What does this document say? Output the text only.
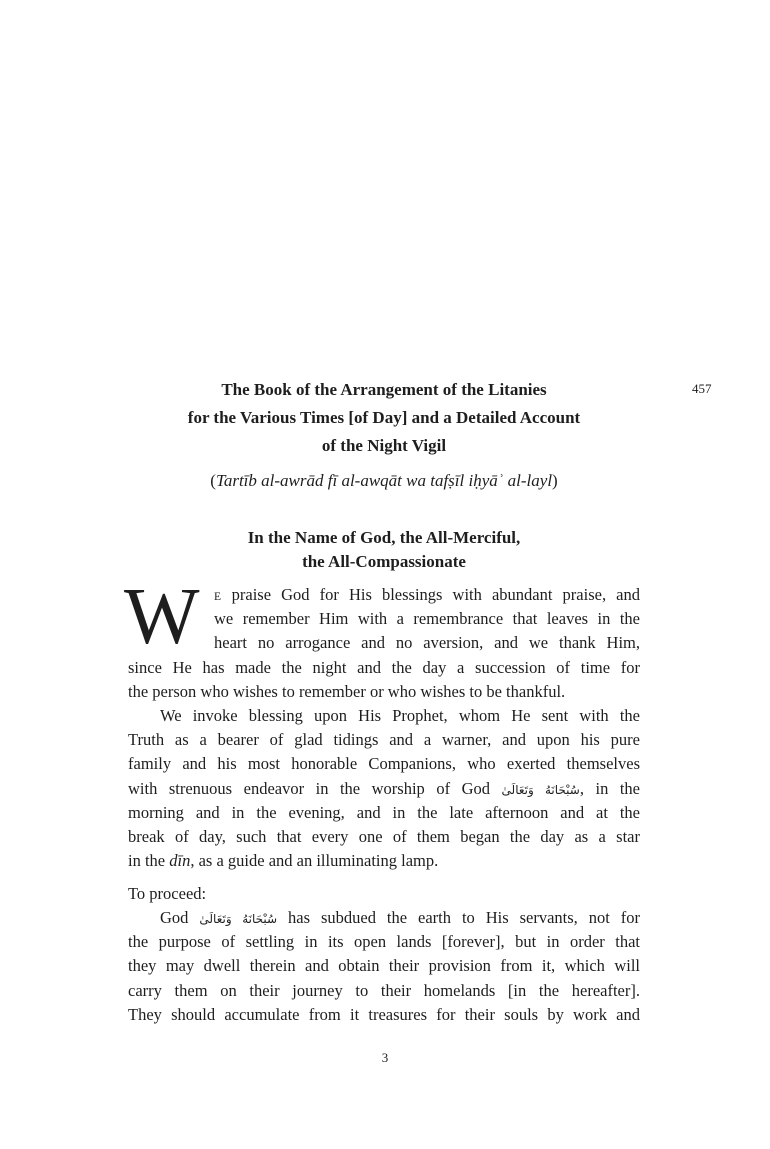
457
The Book of the Arrangement of the Litanies
for the Various Times [of Day] and a Detailed Account
of the Night Vigil
(Tartīb al-awrād fī al-awqāt wa tafṣīl iḥyāʾ al-layl)
In the Name of God, the All-Merciful,
the All-Compassionate
W E praise God for His blessings with abundant praise, and
we remember Him with a remembrance that leaves in the
heart no arrogance and no aversion, and we thank Him,
since He has made the night and the day a succession of time for
the person who wishes to remember or who wishes to be thankful.
We invoke blessing upon His Prophet, whom He sent with the
Truth as a bearer of glad tidings and a warner, and upon his pure
family and his most honorable Companions, who exerted themselves
with strenuous endeavor in the worship of God سُبْحَانَهُ وَتَعَالَىٰ, in the
morning and in the evening, and in the late afternoon and at the
break of day, such that every one of them began the day as a star
in the dīn, as a guide and an illuminating lamp.
To proceed:
God سُبْحَانَهُ وَتَعَالَىٰ has subdued the earth to His servants, not for
the purpose of settling in its open lands [forever], but in order that
they may dwell therein and obtain their provision from it, which will
carry them on their journey to their homelands [in the hereafter].
They should accumulate from it treasures for their souls by work and
3
